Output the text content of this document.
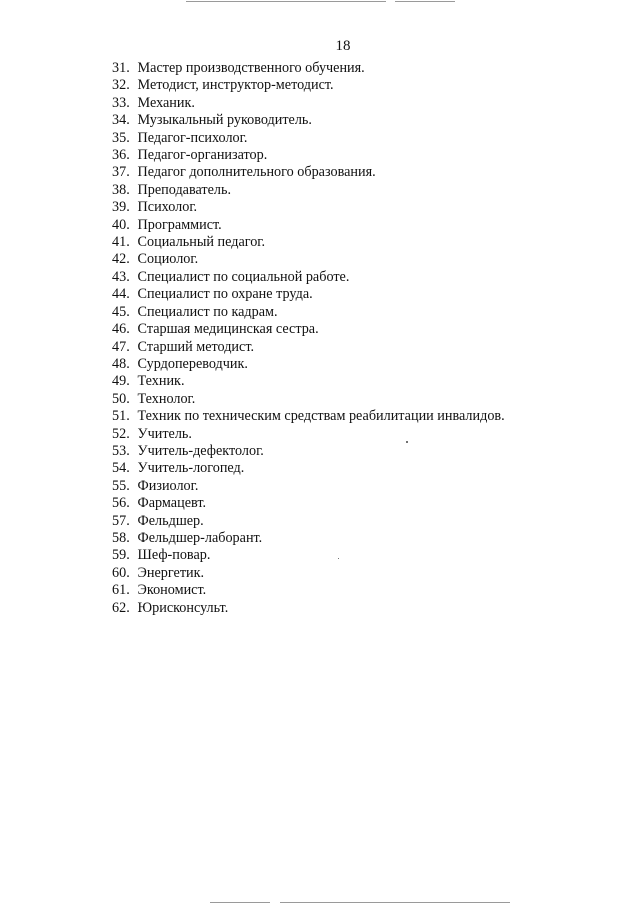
18
31. Мастер производственного обучения.
32. Методист, инструктор-методист.
33. Механик.
34. Музыкальный руководитель.
35. Педагог-психолог.
36. Педагог-организатор.
37. Педагог дополнительного образования.
38. Преподаватель.
39. Психолог.
40. Программист.
41. Социальный педагог.
42. Социолог.
43. Специалист по социальной работе.
44. Специалист по охране труда.
45. Специалист по кадрам.
46. Старшая медицинская сестра.
47. Старший методист.
48. Сурдопереводчик.
49. Техник.
50. Технолог.
51. Техник по техническим средствам реабилитации инвалидов.
52. Учитель.
53. Учитель-дефектолог.
54. Учитель-логопед.
55. Физиолог.
56. Фармацевт.
57. Фельдшер.
58. Фельдшер-лаборант.
59. Шеф-повар.
60. Энергетик.
61. Экономист.
62. Юрисконсульт.
